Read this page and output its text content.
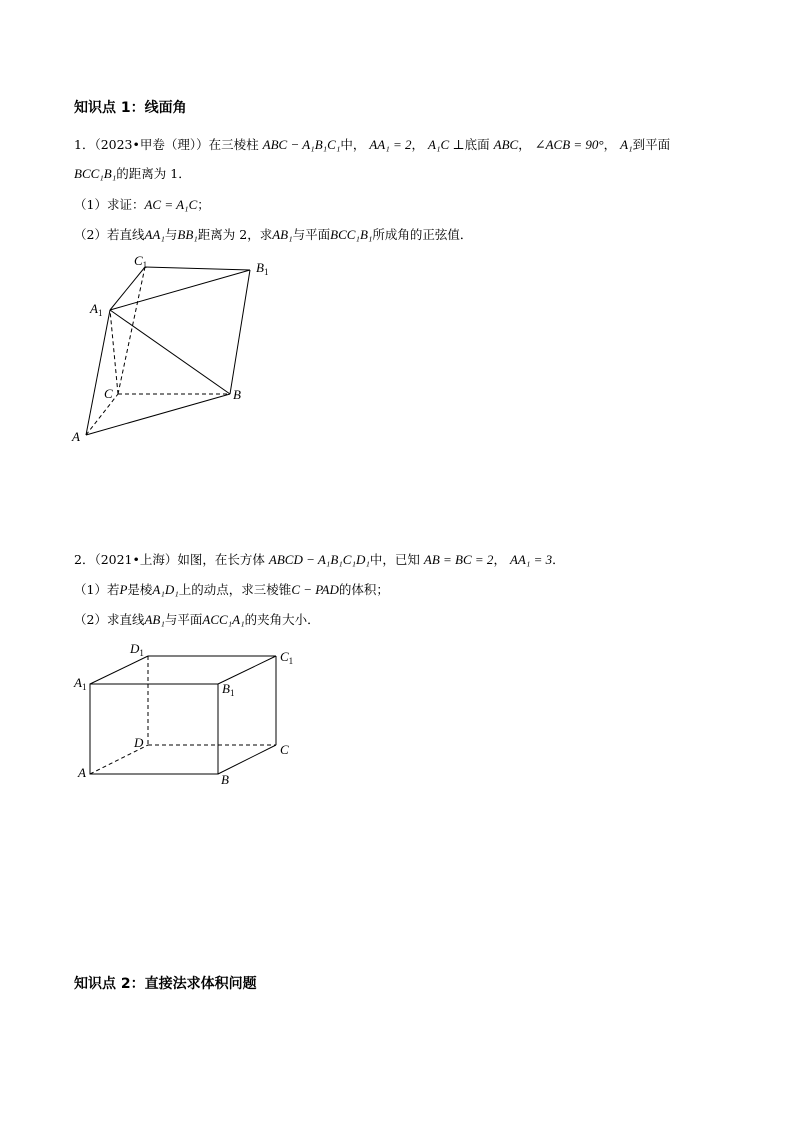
知识点 1：线面角
1．（2023•甲卷（理））在三棱柱 ABC − A₁B₁C₁中， AA₁ = 2， A₁C ⊥底面 ABC， ∠ACB = 90°， A₁到平面
BCC₁B₁的距离为 1．
（1）求证：AC = A₁C；
（2）若直线AA₁与BB₁距离为 2，求AB₁与平面BCC₁B₁所成角的正弦值．
$C_1$	$B_1$
$A_1$
C	B
A
2．（2021•上海）如图，在长方体 ABCD − A₁B₁C₁D₁中，已知 AB = BC = 2， AA₁ = 3．
（1）若P是棱A₁D₁上的动点，求三棱锥C − PAD的体积；
（2）求直线AB₁与平面ACC₁A₁的夹角大小．
$D_1$	$C_1$
$A_1$	$B_1$
D	C
A	B
知识点 2：直接法求体积问题
